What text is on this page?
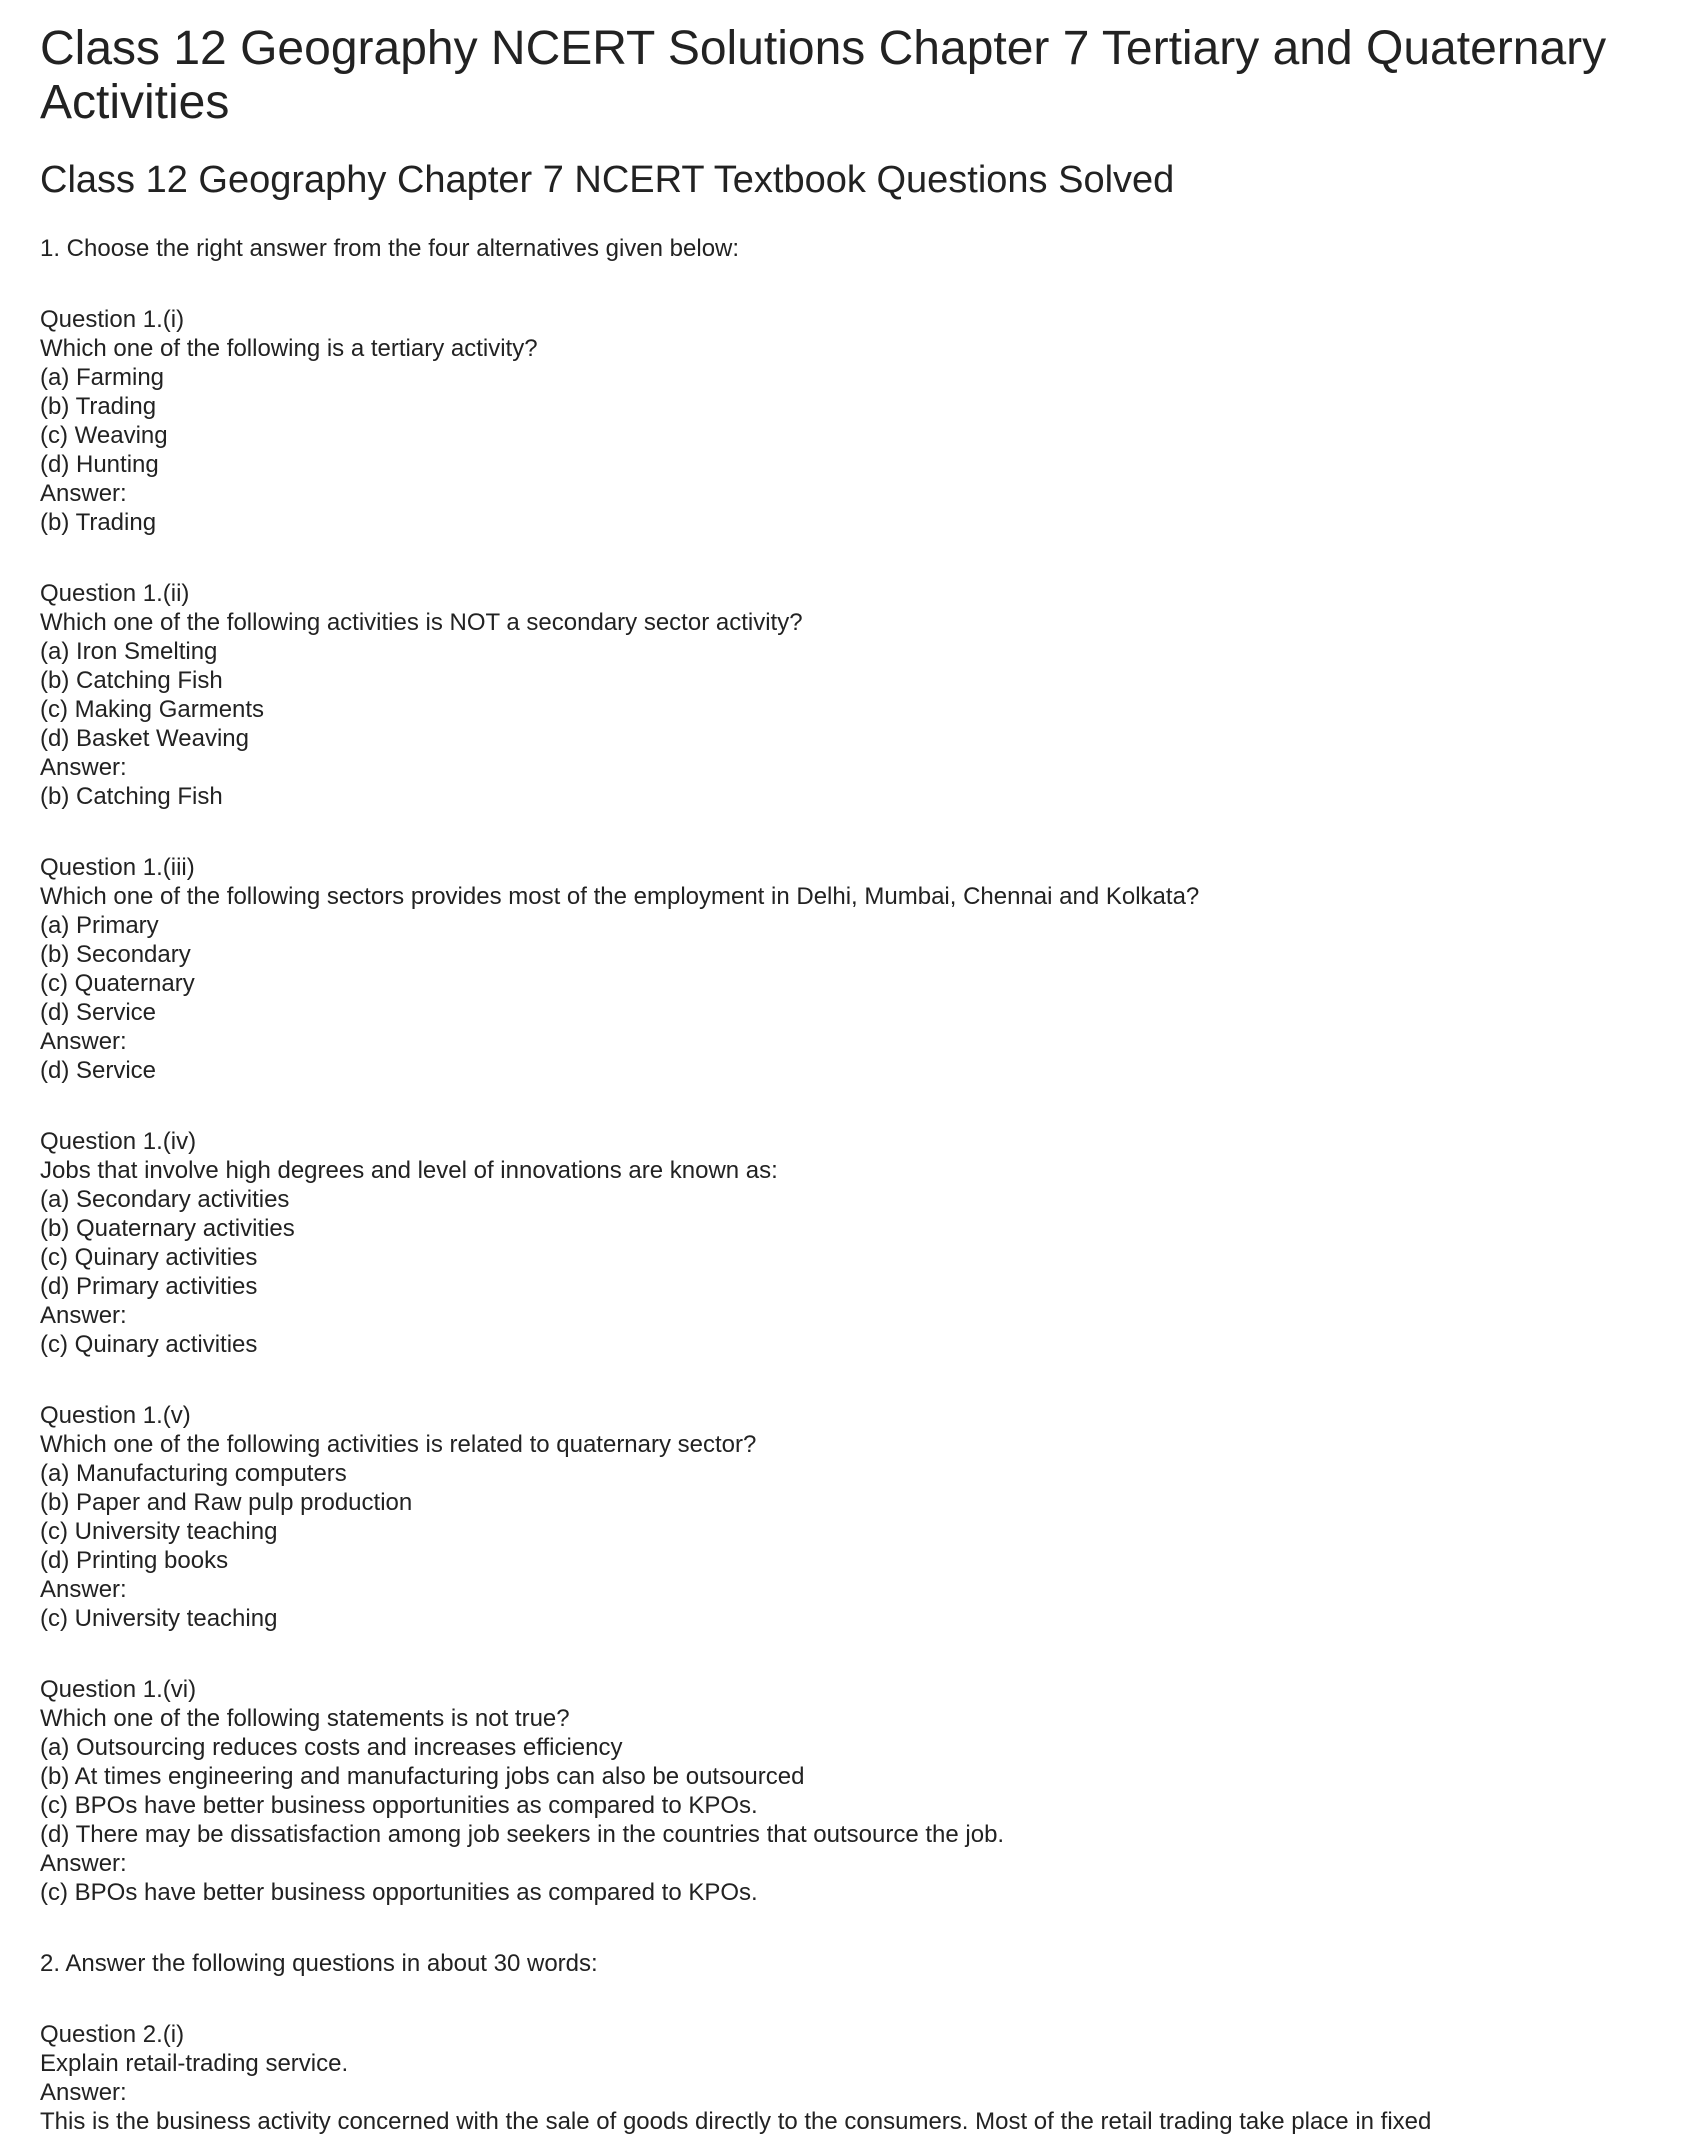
Class 12 Geography NCERT Solutions Chapter 7 Tertiary and Quaternary Activities
Class 12 Geography Chapter 7 NCERT Textbook Questions Solved
1. Choose the right answer from the four alternatives given below:
Question 1.(i)
Which one of the following is a tertiary activity?
(a) Farming
(b) Trading
(c) Weaving
(d) Hunting
Answer:
(b) Trading
Question 1.(ii)
Which one of the following activities is NOT a secondary sector activity?
(a) Iron Smelting
(b) Catching Fish
(c) Making Garments
(d) Basket Weaving
Answer:
(b) Catching Fish
Question 1.(iii)
Which one of the following sectors provides most of the employment in Delhi, Mumbai, Chennai and Kolkata?
(a) Primary
(b) Secondary
(c) Quaternary
(d) Service
Answer:
(d) Service
Question 1.(iv)
Jobs that involve high degrees and level of innovations are known as:
(a) Secondary activities
(b) Quaternary activities
(c) Quinary activities
(d) Primary activities
Answer:
(c) Quinary activities
Question 1.(v)
Which one of the following activities is related to quaternary sector?
(a) Manufacturing computers
(b) Paper and Raw pulp production
(c) University teaching
(d) Printing books
Answer:
(c) University teaching
Question 1.(vi)
Which one of the following statements is not true?
(a) Outsourcing reduces costs and increases efficiency
(b) At times engineering and manufacturing jobs can also be outsourced
(c) BPOs have better business opportunities as compared to KPOs.
(d) There may be dissatisfaction among job seekers in the countries that outsource the job.
Answer:
(c) BPOs have better business opportunities as compared to KPOs.
2. Answer the following questions in about 30 words:
Question 2.(i)
Explain retail-trading service.
Answer:
This is the business activity concerned with the sale of goods directly to the consumers. Most of the retail trading take place in fixed
